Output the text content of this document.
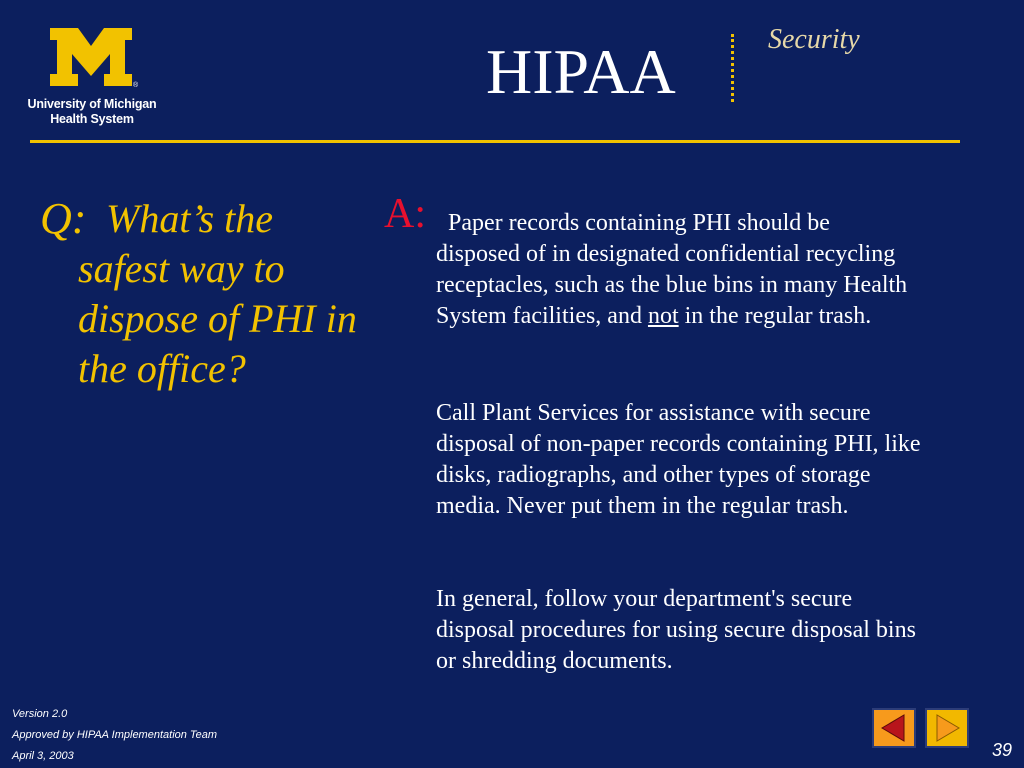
®
University of Michigan
Health System
HIPAA	Security
Q: What’s the safest way to dispose of PHI in the office?
A: Paper records containing PHI should be
disposed of in designated confidential recycling receptacles, such as the blue bins in many Health System facilities, and not in the regular trash.

Call Plant Services for assistance with secure disposal of non-paper records containing PHI, like disks, radiographs, and other types of storage media. Never put them in the regular trash.

In general, follow your department's secure disposal procedures for using secure disposal bins or shredding documents.

Version 2.0
Approved by HIPAA Implementation Team
April 3, 2003	39
